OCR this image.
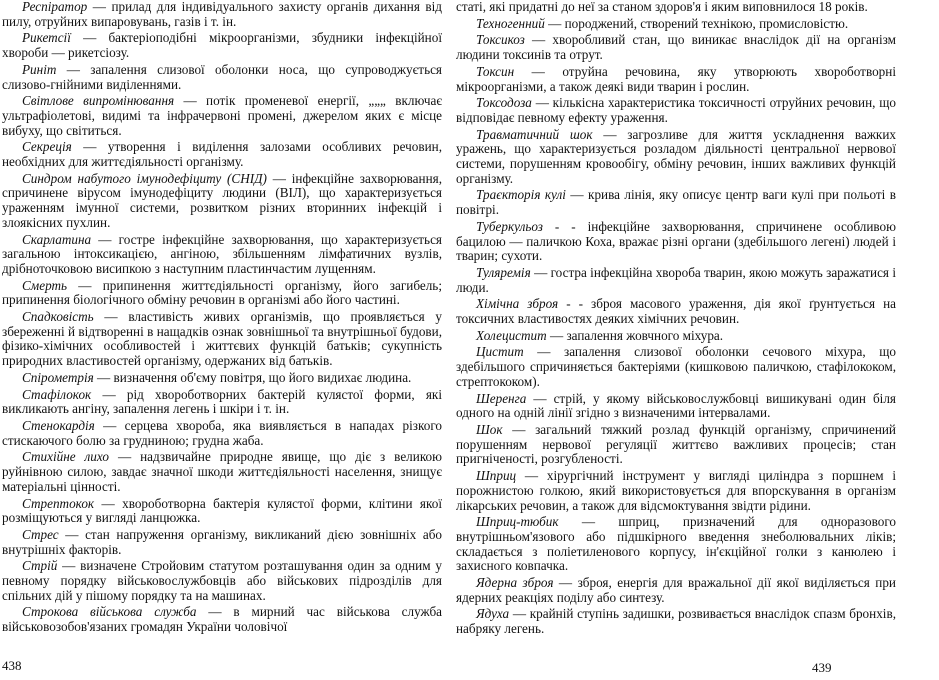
Респіратор — прилад для індивідуального захисту органів дихання від пилу, отруйних випаровувань, газів і т. ін.

Рикетсії — бактеріоподібні мікроорганізми, збудники інфекційної хвороби — рикетсіозу.

Риніт — запалення слизової оболонки носа, що супроводжується слизово-гнійними виділеннями.

Світлове випромінювання — потік променевої енергії, „„„ включає ультрафіолетові, видимі та інфрачервоні промені, джерелом яких є місце вибуху, що світиться.

Секреція — утворення і виділення залозами особливих речовин, необхідних для життєдіяльності організму.

Синдром набутого імунодефіциту (СНІД) — інфекційне захворювання, спричинене вірусом імунодефіциту людини (ВІЛ), що характеризується ураженням імунної системи, розвитком різних вторинних інфекцій і злоякісних пухлин.

Скарлатина — гостре інфекційне захворювання, що характеризується загальною інтоксикацією, ангіною, збільшенням лімфатичних вузлів, дрібноточковою висипкою з наступним пластинчастим лущенням.

Смерть — припинення життєдіяльності організму, його загибель; припинення біологічного обміну речовин в організмі або його частині.

Спадковість — властивість живих організмів, що проявляється у збереженні й відтворенні в нащадків ознак зовнішньої та внутрішньої будови, фізико-хімічних особливостей і життєвих функцій батьків; сукупність природних властивостей організму, одержаних від батьків.

Спірометрія — визначення об'єму повітря, що його видихає людина.

Стафілокок — рід хвороботворних бактерій кулястої форми, які викликають ангіну, запалення легень і шкіри і т. ін.

Стенокардія — серцева хвороба, яка виявляється в нападах різкого стискаючого болю за грудниною; грудна жаба.

Стихійне лихо — надзвичайне природне явище, що діє з великою руйнівною силою, завдає значної шкоди життєдіяльності населення, знищує матеріальні цінності.

Стрептокок — хвороботворна бактерія кулястої форми, клітини якої розміщуються у вигляді ланцюжка.

Стрес — стан напруження організму, викликаний дією зовнішніх або внутрішніх факторів.

Стрій — визначене Стройовим статутом розташування один за одним у певному порядку військовослужбовців або військових підрозділів для спільних дій у пішому порядку та на машинах.

Строкова військова служба — в мирний час військова служба військовозобов'язаних громадян України чоловічої

438

статі, які придатні до неї за станом здоров'я і яким виповнилося 18 років.

Техногенний — породжений, створений технікою, промисловістю.

Токсикоз — хворобливий стан, що виникає внаслідок дії на організм людини токсинів та отрут.

Токсин — отруйна речовина, яку утворюють хвороботворні мікроорганізми, а також деякі види тварин і рослин.

Токсодоза — кількісна характеристика токсичності отруйних речовин, що відповідає певному ефекту ураження.

Травматичний шок — загрозливе для життя ускладнення важких уражень, що характеризується розладом діяльності центральної нервової системи, порушенням кровообігу, обміну речовин, інших важливих функцій організму.

Траєкторія кулі — крива лінія, яку описує центр ваги кулі при польоті в повітрі.

Туберкульоз - - інфекційне захворювання, спричинене особливою бацилою — паличкою Коха, вражає різні органи (здебільшого легені) людей і тварин; сухоти.

Туляремія — гостра інфекційна хвороба тварин, якою можуть заражатися і люди.

Хімічна зброя - - зброя масового ураження, дія якої ґрунтується на токсичних властивостях деяких хімічних речовин.

Холецистит — запалення жовчного міхура.

Цистит — запалення слизової оболонки сечового міхура, що здебільшого спричиняється бактеріями (кишковою паличкою, стафілококом, стрептококом).

Шеренга — стрій, у якому військовослужбовці вишикувані один біля одного на одній лінії згідно з визначеними інтервалами.

Шок — загальний тяжкий розлад функцій організму, спричинений порушенням нервової регуляції життєво важливих процесів; стан пригніченості, розгубленості.

Шприц — хірургічний інструмент у вигляді циліндра з поршнем і порожнистою голкою, який використовується для впорскування в організм лікарських речовин, а також для відсмоктування звідти рідини.

Шприц-тюбик — шприц, призначений для одноразового внутрішньом'язового або підшкірного введення знеболювальних ліків; складається з поліетиленового корпусу, ін'єкційної голки з канюлею і захисного ковпачка.

Ядерна зброя — зброя, енергія для вражальної дії якої виділяється при ядерних реакціях поділу або синтезу.

Ядуха — крайній ступінь задишки, розвивається внаслідок спазм бронхів, набряку легень.

439
